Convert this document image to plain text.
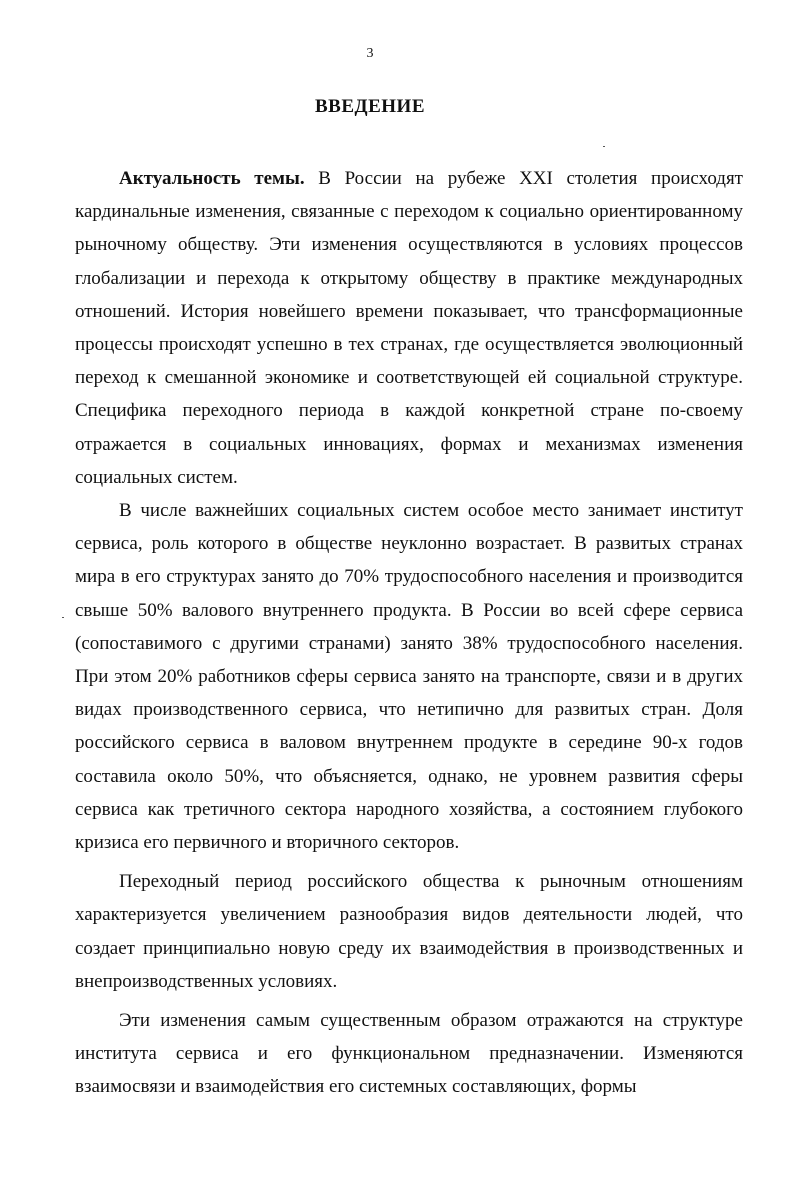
3
ВВЕДЕНИЕ

Актуальность темы. В России на рубеже XXI столетия происходят кардинальные изменения, связанные с переходом к социально ориентированному рыночному обществу. Эти изменения осуществляются в условиях процессов глобализации и перехода к открытому обществу в практике международных отношений. История новейшего времени показывает, что трансформационные процессы происходят успешно в тех странах, где осуществляется эволюционный переход к смешанной экономике и соответствующей ей социальной структуре. Специфика переходного периода в каждой конкретной стране по-своему отражается в социальных инновациях, формах и механизмах изменения социальных систем.

В числе важнейших социальных систем особое место занимает институт сервиса, роль которого в обществе неуклонно возрастает. В развитых странах мира в его структурах занято до 70% трудоспособного населения и производится свыше 50% валового внутреннего продукта. В России во всей сфере сервиса (сопоставимого с другими странами) занято 38% трудоспособного населения. При этом 20% работников сферы сервиса занято на транспорте, связи и в других видах производственного сервиса, что нетипично для развитых стран. Доля российского сервиса в валовом внутреннем продукте в середине 90-х годов составила около 50%, что объясняется, однако, не уровнем развития сферы сервиса как третичного сектора народного хозяйства, а состоянием глубокого кризиса его первичного и вторичного секторов.

Переходный период российского общества к рыночным отношениям характеризуется увеличением разнообразия видов деятельности людей, что создает принципиально новую среду их взаимодействия в производственных и внепроизводственных условиях.

Эти изменения самым существенным образом отражаются на структуре института сервиса и его функциональном предназначении. Изменяются взаимосвязи и взаимодействия его системных составляющих, формы
